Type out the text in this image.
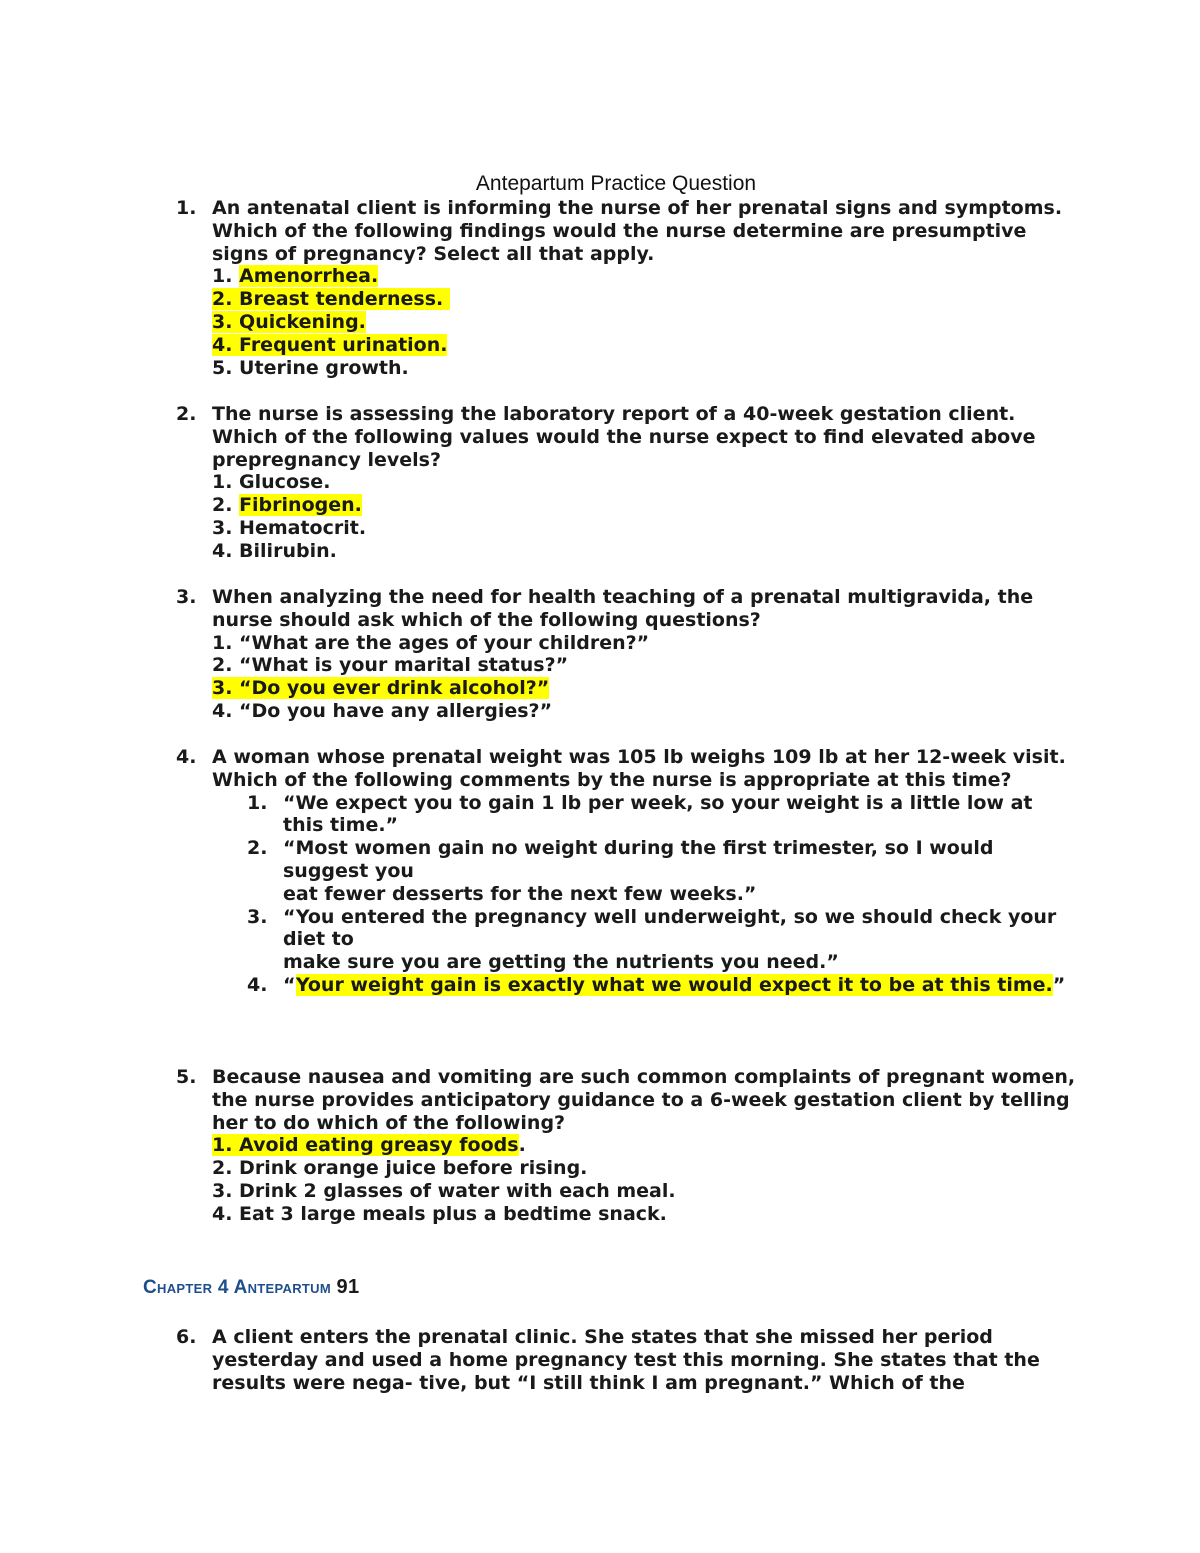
Antepartum Practice Question
1. An antenatal client is informing the nurse of her prenatal signs and symptoms. Which of the following findings would the nurse determine are presumptive signs of pregnancy? Select all that apply.
1. Amenorrhea.
2. Breast tenderness.
3. Quickening.
4. Frequent urination.
5. Uterine growth.
2. The nurse is assessing the laboratory report of a 40-week gestation client. Which of the following values would the nurse expect to find elevated above prepregnancy levels?
1. Glucose.
2. Fibrinogen.
3. Hematocrit.
4. Bilirubin.
3. When analyzing the need for health teaching of a prenatal multigravida, the nurse should ask which of the following questions?
1. “What are the ages of your children?”
2. “What is your marital status?”
3. “Do you ever drink alcohol?”
4. “Do you have any allergies?”
4. A woman whose prenatal weight was 105 lb weighs 109 lb at her 12-week visit. Which of the following comments by the nurse is appropriate at this time?
1. “We expect you to gain 1 lb per week, so your weight is a little low at this time.”
2. “Most women gain no weight during the first trimester, so I would suggest you
eat fewer desserts for the next few weeks.”
3. “You entered the pregnancy well underweight, so we should check your diet to
make sure you are getting the nutrients you need.”
4. “Your weight gain is exactly what we would expect it to be at this time.”
5. Because nausea and vomiting are such common complaints of pregnant women, the nurse provides anticipatory guidance to a 6-week gestation client by telling her to do which of the following?
1. Avoid eating greasy foods.
2. Drink orange juice before rising.
3. Drink 2 glasses of water with each meal.
4. Eat 3 large meals plus a bedtime snack.
Chapter 4 Antepartum 91
6. A client enters the prenatal clinic. She states that she missed her period yesterday and used a home pregnancy test this morning. She states that the results were nega- tive, but “I still think I am pregnant.” Which of the
